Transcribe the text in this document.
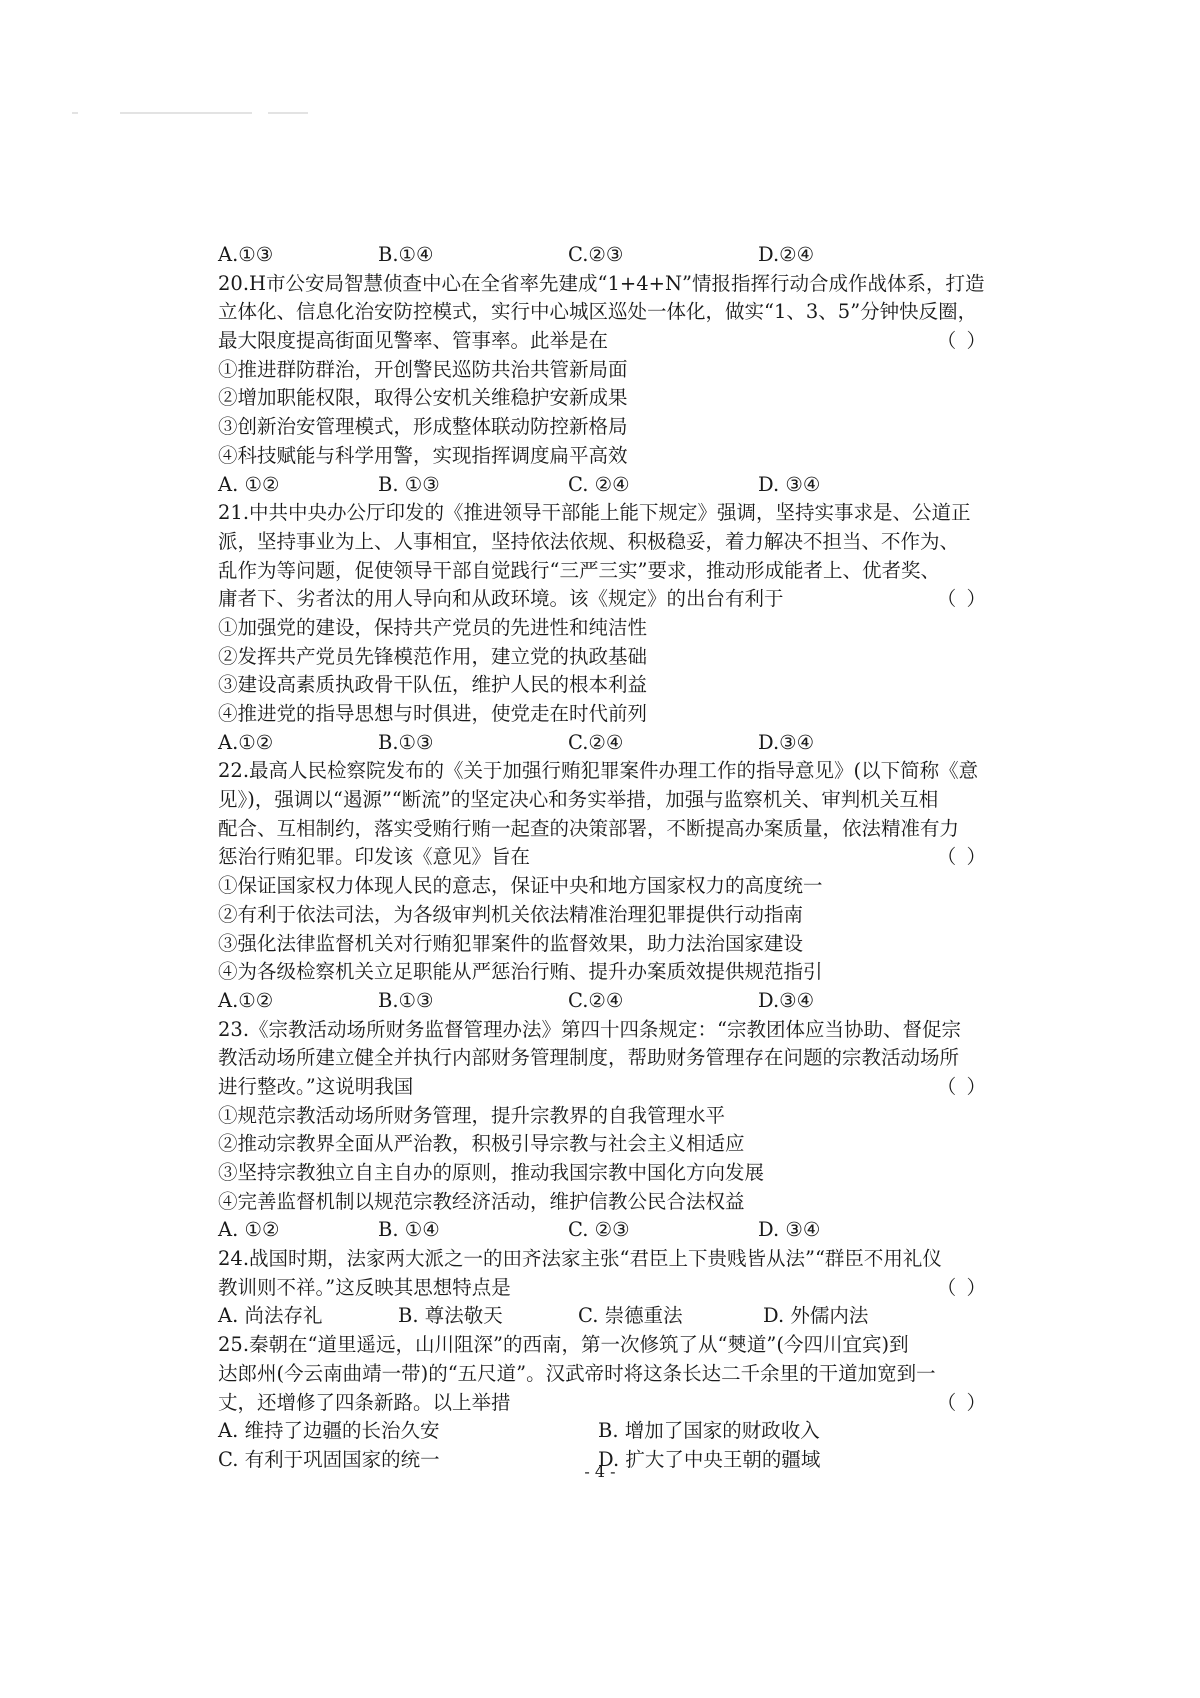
A.①③	B.①④	C.②③	D.②④
20.H市公安局智慧侦查中心在全省率先建成“1+4+N”情报指挥行动合成作战体系，打造
立体化、信息化治安防控模式，实行中心城区巡处一体化，做实“1、3、5”分钟快反圈，
最大限度提高街面见警率、管事率。此举是在	（ ）
①推进群防群治，开创警民巡防共治共管新局面
②增加职能权限，取得公安机关维稳护安新成果
③创新治安管理模式，形成整体联动防控新格局
④科技赋能与科学用警，实现指挥调度扁平高效
A. ①②	B. ①③	C. ②④	D. ③④
21.中共中央办公厅印发的《推进领导干部能上能下规定》强调，坚持实事求是、公道正
派，坚持事业为上、人事相宜，坚持依法依规、积极稳妥，着力解决不担当、不作为、
乱作为等问题，促使领导干部自觉践行“三严三实”要求，推动形成能者上、优者奖、
庸者下、劣者汰的用人导向和从政环境。该《规定》的出台有利于	（ ）
①加强党的建设，保持共产党员的先进性和纯洁性
②发挥共产党员先锋模范作用，建立党的执政基础
③建设高素质执政骨干队伍，维护人民的根本利益
④推进党的指导思想与时俱进，使党走在时代前列
A.①②	B.①③	C.②④	D.③④
22.最高人民检察院发布的《关于加强行贿犯罪案件办理工作的指导意见》(以下简称《意
见》)，强调以“遏源”“断流”的坚定决心和务实举措，加强与监察机关、审判机关互相
配合、互相制约，落实受贿行贿一起查的决策部署，不断提高办案质量，依法精准有力
惩治行贿犯罪。印发该《意见》旨在	（ ）
①保证国家权力体现人民的意志，保证中央和地方国家权力的高度统一
②有利于依法司法，为各级审判机关依法精准治理犯罪提供行动指南
③强化法律监督机关对行贿犯罪案件的监督效果，助力法治国家建设
④为各级检察机关立足职能从严惩治行贿、提升办案质效提供规范指引
A.①②	B.①③	C.②④	D.③④
23.《宗教活动场所财务监督管理办法》第四十四条规定：“宗教团体应当协助、督促宗
教活动场所建立健全并执行内部财务管理制度，帮助财务管理存在问题的宗教活动场所
进行整改。”这说明我国	（ ）
①规范宗教活动场所财务管理，提升宗教界的自我管理水平
②推动宗教界全面从严治教，积极引导宗教与社会主义相适应
③坚持宗教独立自主自办的原则，推动我国宗教中国化方向发展
④完善监督机制以规范宗教经济活动，维护信教公民合法权益
A. ①②	B. ①④	C. ②③	D. ③④
24.战国时期，法家两大派之一的田齐法家主张“君臣上下贵贱皆从法”“群臣不用礼仪
教训则不祥。”这反映其思想特点是	（ ）
A. 尚法存礼	B. 尊法敬天	C. 崇德重法	D. 外儒内法
25.秦朝在“道里遥远，山川阻深”的西南，第一次修筑了从“僰道”(今四川宜宾)到
达郎州(今云南曲靖一带)的“五尺道”。汉武帝时将这条长达二千余里的干道加宽到一
丈，还增修了四条新路。以上举措	（ ）
A. 维持了边疆的长治久安	B. 增加了国家的财政收入
C. 有利于巩固国家的统一	D. 扩大了中央王朝的疆域
- 4 -
